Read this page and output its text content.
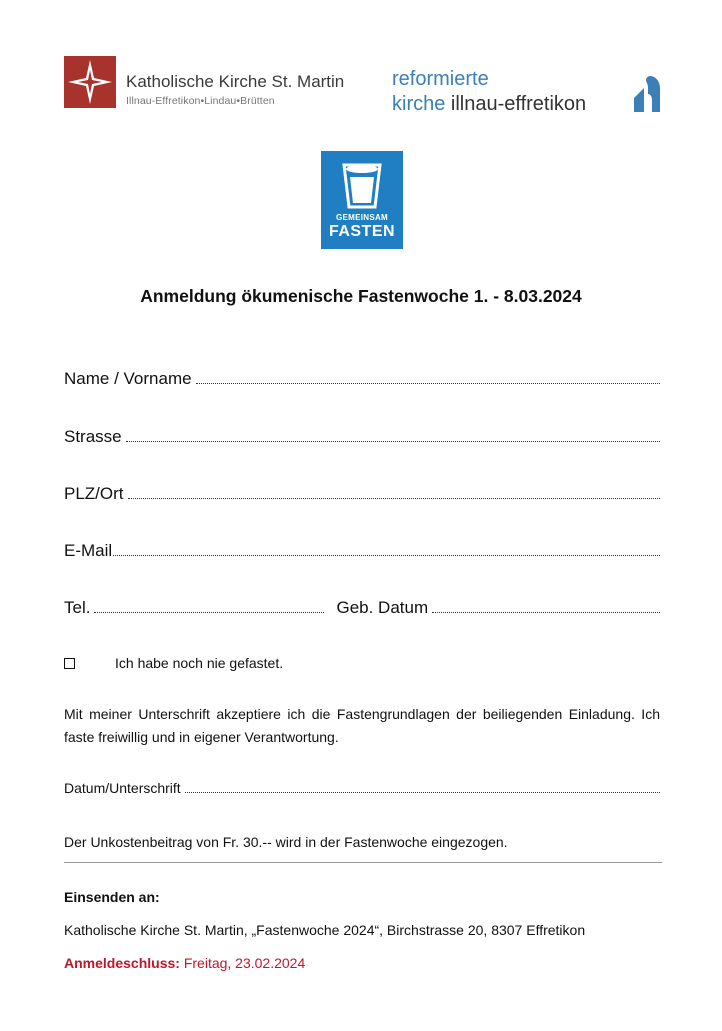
Katholische Kirche St. Martin
Illnau-Effretikon•Lindau•Brütten
reformierte
kirche illnau-effretikon
GEMEINSAM
FASTEN
Anmeldung ökumenische Fastenwoche 1. - 8.03.2024
Name / Vorname
Strasse
PLZ/Ort
E-Mail
Tel.	Geb. Datum
Ich habe noch nie gefastet.
Mit meiner Unterschrift akzeptiere ich die Fastengrundlagen der beiliegenden Einladung. Ich faste freiwillig und in eigener Verantwortung.
Datum/Unterschrift
Der Unkostenbeitrag von Fr. 30.-- wird in der Fastenwoche eingezogen.
Einsenden an:
Katholische Kirche St. Martin, „Fastenwoche 2024“, Birchstrasse 20, 8307 Effretikon
Anmeldeschluss: Freitag, 23.02.2024
